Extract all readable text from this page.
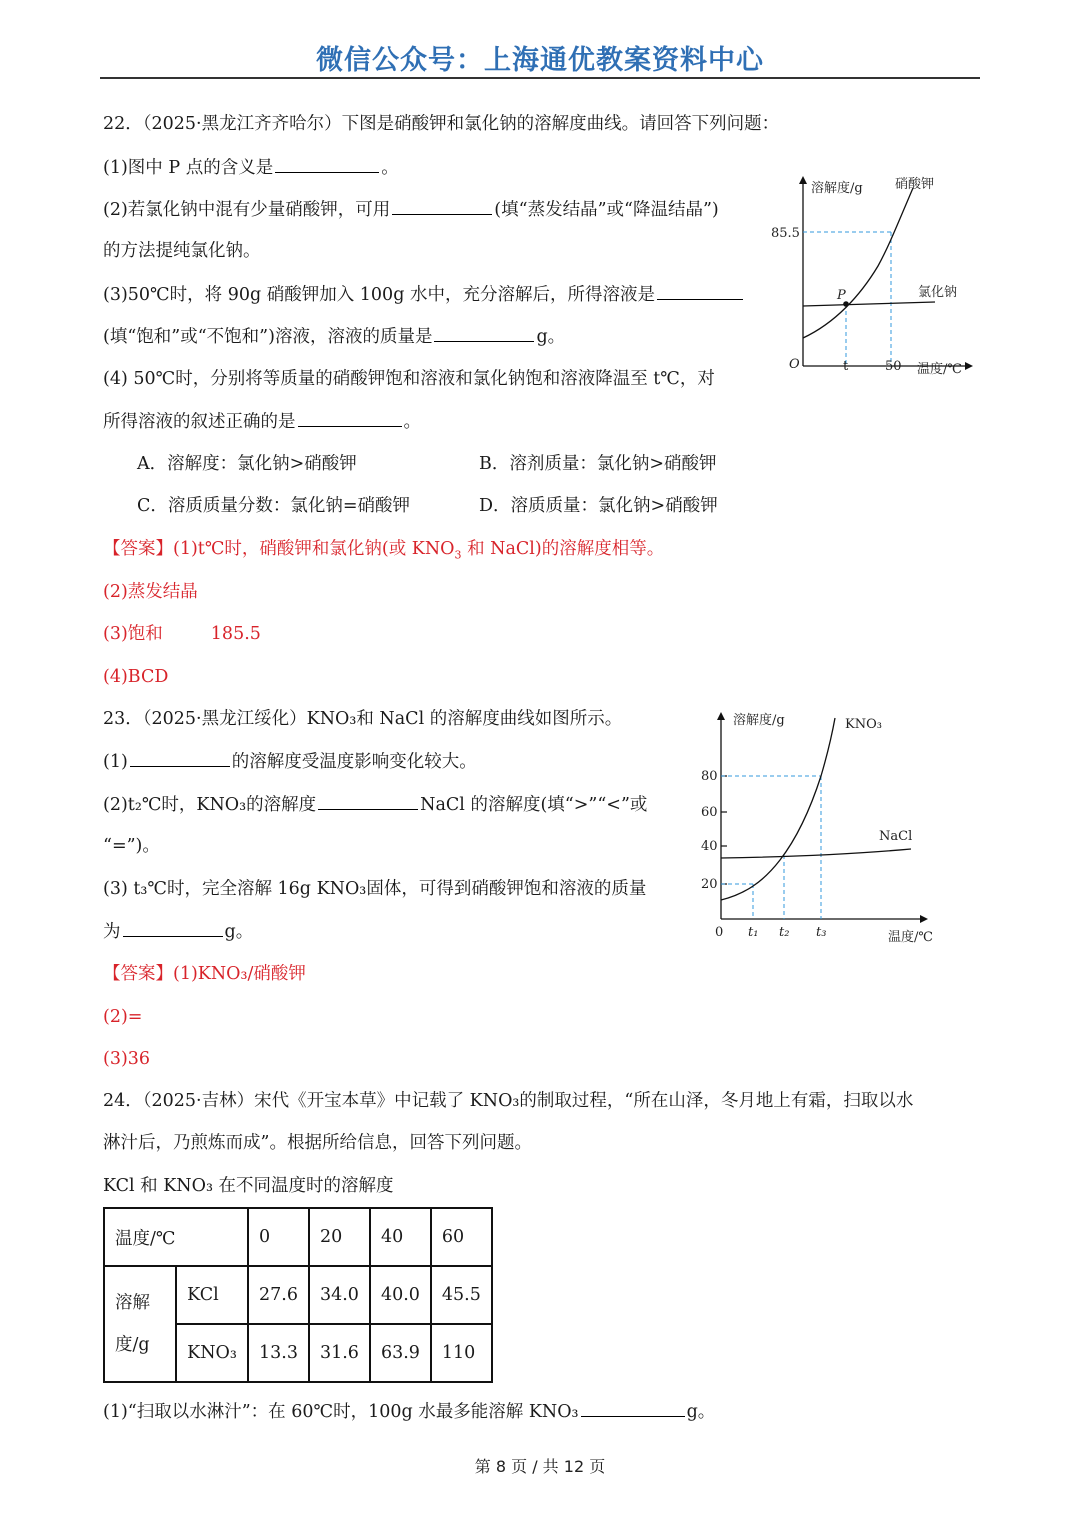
微信公众号：上海通优教案资料中心
22．（2025·黑龙江齐齐哈尔）下图是硝酸钾和氯化钠的溶解度曲线。请回答下列问题：
(1)图中 P 点的含义是	。
(2)若氯化钠中混有少量硝酸钾，可用	(填“蒸发结晶”或“降温结晶”)
的方法提纯氯化钠。
(3)50℃时，将 90g 硝酸钾加入 100g 水中，充分溶解后，所得溶液是
(填“饱和”或“不饱和”)溶液，溶液的质量是	g。
(4) 50℃时，分别将等质量的硝酸钾饱和溶液和氯化钠饱和溶液降温至 t℃，对
所得溶液的叙述正确的是	。
A．溶解度：氯化钠>硝酸钾	B．溶剂质量：氯化钠>硝酸钾
C．溶质质量分数：氯化钠=硝酸钾	D．溶质质量：氯化钠>硝酸钾
【答案】(1)t℃时，硝酸钾和氯化钠(或 $KNO_3$ 和 NaCl)的溶解度相等。
(2)蒸发结晶
(3)饱和	185.5
(4)BCD
溶解度/g 硝酸钾
氯化钠
85.5
P
O	t	50 温度/℃
23．（2025·黑龙江绥化）KNO₃和 NaCl 的溶解度曲线如图所示。
(1)	的溶解度受温度影响变化较大。
(2)t₂℃时，KNO₃的溶解度	NaCl 的溶解度(填“>”“<”或
“=”)。
(3) t₃℃时，完全溶解 16g KNO₃固体，可得到硝酸钾饱和溶液的质量
为	g。
【答案】(1)KNO₃/硝酸钾
(2)=
(3)36
溶解度/g	KNO₃
NaCl
80
60
40
20
0 t₁ t₂ t₃	温度/℃
24．（2025·吉林）宋代《开宝本草》中记载了 KNO₃的制取过程，“所在山泽，冬月地上有霜，扫取以水
淋汁后，乃煎炼而成”。根据所给信息，回答下列问题。
KCl 和 KNO₃ 在不同温度时的溶解度
温度/℃		0	20	40	60
溶解度/g	KCl	27.6	34.0	40.0	45.5
	KNO₃	13.3	31.6	63.9	110
(1)“扫取以水淋汁”：在 60℃时，100g 水最多能溶解 KNO₃	g。
第 8 页 / 共 12 页
